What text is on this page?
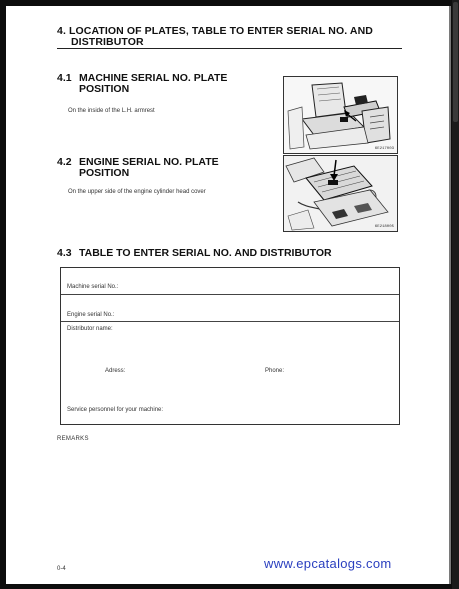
4. LOCATION OF PLATES, TABLE TO ENTER SERIAL NO. AND
DISTRIBUTOR
4.1 MACHINE SERIAL NO. PLATE
POSITION
On the inside of the L.H. armrest
6E217003
4.2 ENGINE SERIAL NO. PLATE
POSITION
On the upper side of the engine cylinder head cover
6E218005
4.3 TABLE TO ENTER SERIAL NO. AND DISTRIBUTOR
Machine serial No.:
Engine serial No.:
Distributor name:
Adress:	Phone:
Service personnel for your machine:
REMARKS
0-4	www.epcatalogs.com
